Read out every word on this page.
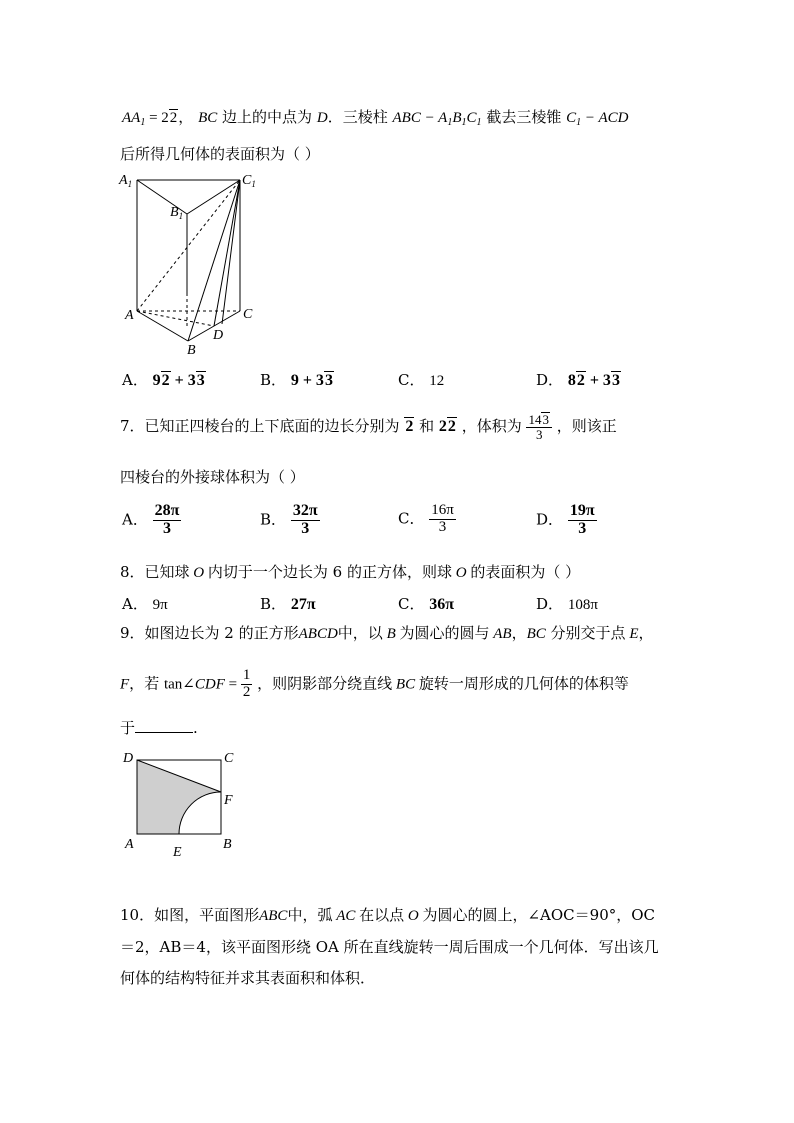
$AA_1 = 22$， BC 边上的中点为 D．三棱柱 ABC − $A_1B_1C_1$ 截去三棱锥 $C_1$ − ACD
后所得几何体的表面积为（ ）
$A_1$	$C_1$
$B_1$
A	C
D
B
A． 92 + 33	B． 9 + 33	C． 12	D． 82 + 33
7．已知正四棱台的上下底面的边长分别为 2 和 22 ，体积为 $\frac{143}{3}$ ，则该正
四棱台的外接球体积为（ ）
A． $\frac{28\pi}{3}$	B． $\frac{32\pi}{3}$	C． $\frac{16\pi}{3}$	D． $\frac{19\pi}{3}$
8．已知球 O 内切于一个边长为 6 的正方体，则球 O 的表面积为（ ）
A． 9π	B． 27π	C． 36π	D． 108π
9．如图边长为 2 的正方形ABCD中，以 B 为圆心的圆与 AB，BC 分别交于点 E，
F，若 tan∠CDF = $\frac{1}{2}$ ，则阴影部分绕直线 BC 旋转一周形成的几何体的体积等
于	.
D	C
F
A
E
B
10．如图，平面图形ABC中，弧 AC 在以点 O 为圆心的圆上，∠AOC＝90°，OC
＝2，AB＝4，该平面图形绕 OA 所在直线旋转一周后围成一个几何体．写出该几
何体的结构特征并求其表面积和体积．
